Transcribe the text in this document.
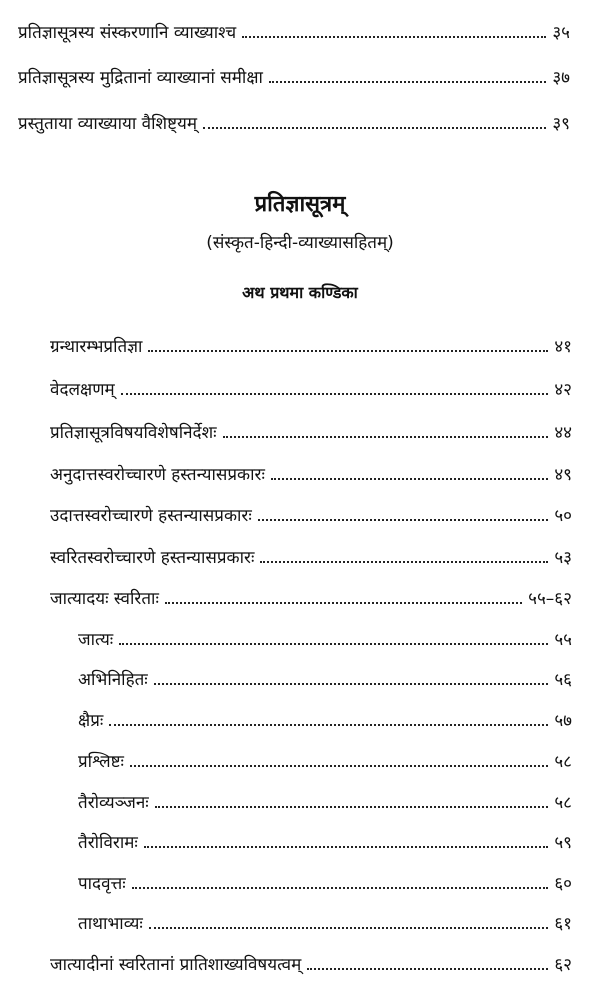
प्रतिज्ञासूत्रस्य संस्करणानि व्याख्याश्च	३५
प्रतिज्ञासूत्रस्य मुद्रितानां व्याख्यानां समीक्षा	३७
प्रस्तुताया व्याख्याया वैशिष्ट्यम्	३९
प्रतिज्ञासूत्रम्
(संस्कृत-हिन्दी-व्याख्यासहितम्)
अथ प्रथमा कण्डिका
ग्रन्थारम्भप्रतिज्ञा	४१
वेदलक्षणम्	४२
प्रतिज्ञासूत्रविषयविशेषनिर्देशः	४४
अनुदात्तस्वरोच्चारणे हस्तन्यासप्रकारः	४९
उदात्तस्वरोच्चारणे हस्तन्यासप्रकारः	५०
स्वरितस्वरोच्चारणे हस्तन्यासप्रकारः	५३
जात्यादयः स्वरिताः	५५–६२
जात्यः	५५
अभिनिहितः	५६
क्षैप्रः	५७
प्रश्लिष्टः	५८
तैरोव्यञ्जनः	५८
तैरोविरामः	५९
पादवृत्तः	६०
ताथाभाव्यः	६१
जात्यादीनां स्वरितानां प्रातिशाख्यविषयत्वम्	६२
